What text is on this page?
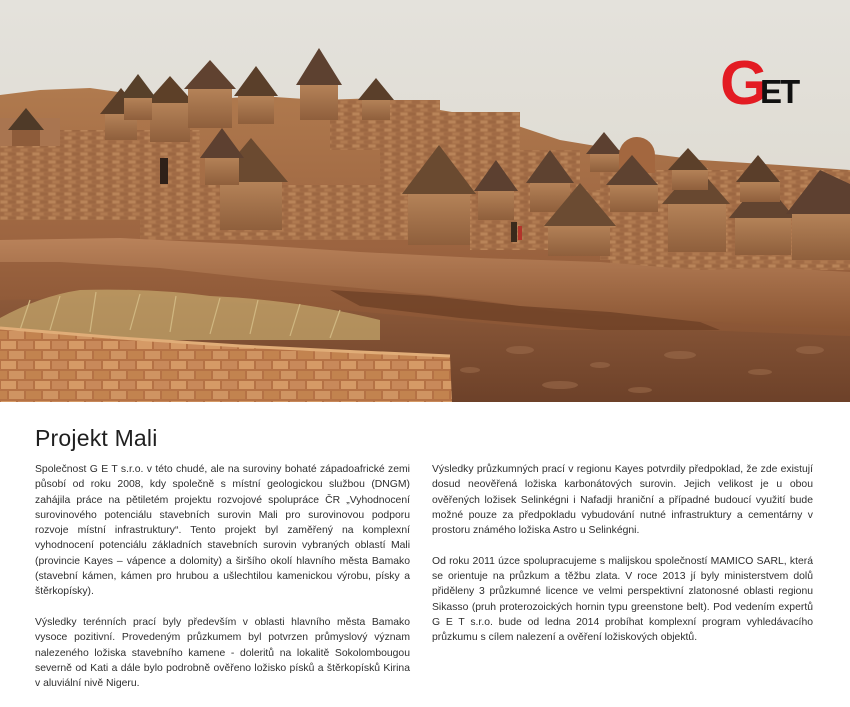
G
ET
Projekt Mali

Společnost G E T s.r.o. v této chudé, ale na suroviny bohaté západoafrické zemi působí od roku 2008, kdy společně s místní geologickou službou (DNGM) zahájila práce na pětiletém projektu rozvojové spolupráce ČR „Vyhodnocení surovinového potenciálu stavebních surovin Mali pro surovinovou podporu rozvoje místní infrastruktury“. Tento projekt byl zaměřený na komplexní vyhodnocení potenciálu základních stavebních surovin vybraných oblastí Mali (provincie Kayes – vápence a dolomity) a širšího okolí hlavního města Bamako (stavební kámen, kámen pro hrubou a ušlechtilou kamenickou výrobu, písky a štěrkopísky).

Výsledky terénních prací byly především v oblasti hlavního města Bamako vysoce pozitivní. Provedeným průzkumem byl potvrzen průmyslový význam nalezeného ložiska stavebního kamene - doleritů na lokalitě Sokolombougou severně od Kati a dále bylo podrobně ověřeno ložisko písků a štěrkopísků Kirina v aluviální nivě Nigeru.

Výsledky průzkumných prací v regionu Kayes potvrdily předpoklad, že zde existují dosud neověřená ložiska karbonátových surovin. Jejich velikost je u obou ověřených ložisek Selinkégni i Nafadji hraniční a případné budoucí využití bude možné pouze za předpokladu vybudování nutné infrastruktury a cementárny v prostoru známého ložiska Astro u Selinkégni.

Od roku 2011 úzce spolupracujeme s malijskou společností MAMICO SARL, která se orientuje na průzkum a těžbu zlata. V roce 2013 jí byly ministerstvem dolů přiděleny 3 průzkumné licence ve velmi perspektivní zlatonosné oblasti regionu Sikasso (pruh proterozoických hornin typu greenstone belt). Pod vedením expertů G E T s.r.o. bude od ledna 2014 probíhat komplexní program vyhledávacího průzkumu s cílem nalezení a ověření ložiskových objektů.
